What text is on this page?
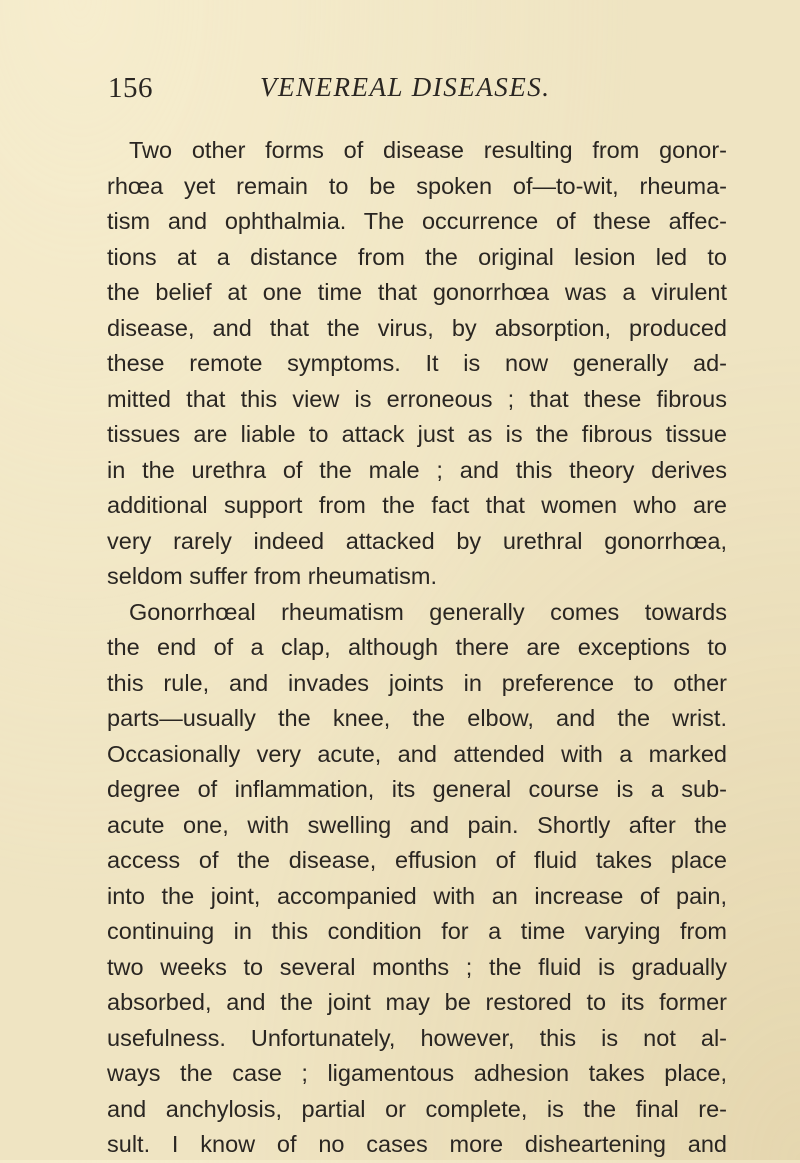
156	VENEREAL DISEASES.
Two other forms of disease resulting from gonor-
rhœa yet remain to be spoken of—to-wit, rheuma-
tism and ophthalmia. The occurrence of these affec-
tions at a distance from the original lesion led to
the belief at one time that gonorrhœa was a virulent
disease, and that the virus, by absorption, produced
these remote symptoms. It is now generally ad-
mitted that this view is erroneous ; that these fibrous
tissues are liable to attack just as is the fibrous tissue
in the urethra of the male ; and this theory derives
additional support from the fact that women who are
very rarely indeed attacked by urethral gonorrhœa,
seldom suffer from rheumatism.
Gonorrhœal rheumatism generally comes towards
the end of a clap, although there are exceptions to
this rule, and invades joints in preference to other
parts—usually the knee, the elbow, and the wrist.
Occasionally very acute, and attended with a marked
degree of inflammation, its general course is a sub-
acute one, with swelling and pain. Shortly after the
access of the disease, effusion of fluid takes place
into the joint, accompanied with an increase of pain,
continuing in this condition for a time varying from
two weeks to several months ; the fluid is gradually
absorbed, and the joint may be restored to its former
usefulness. Unfortunately, however, this is not al-
ways the case ; ligamentous adhesion takes place,
and anchylosis, partial or complete, is the final re-
sult. I know of no cases more disheartening and
